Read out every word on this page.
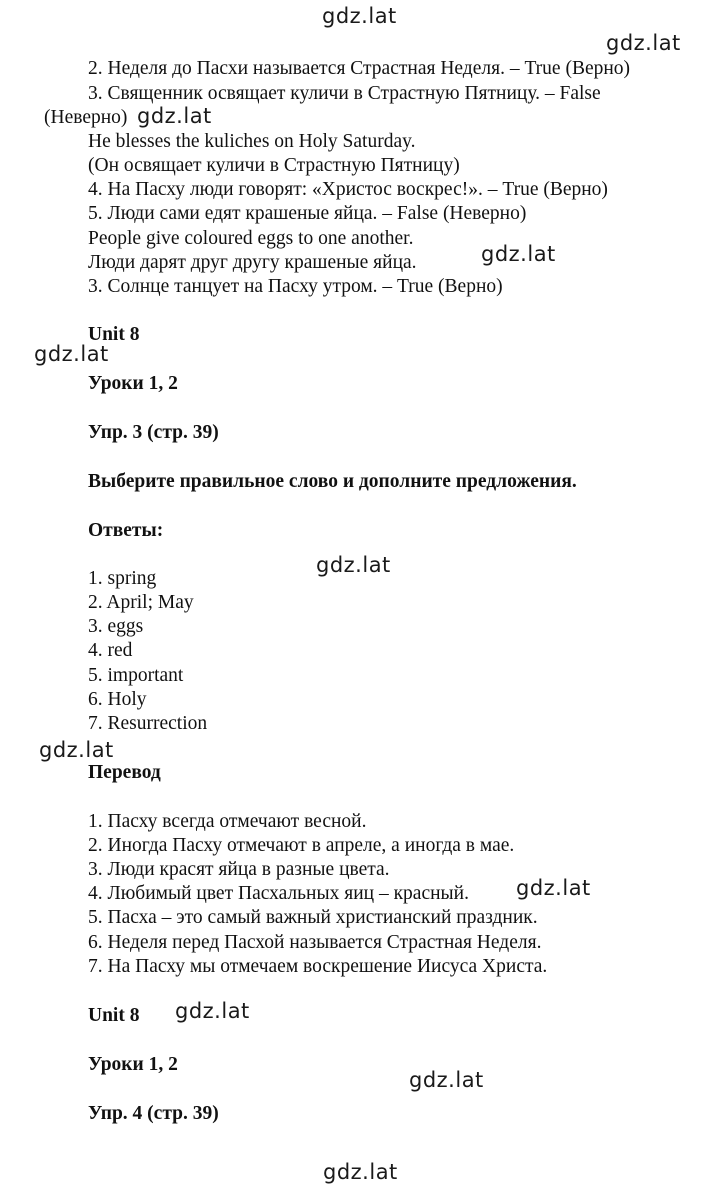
2. Неделя до Пасхи называется Страстная Неделя. – True (Верно)
3. Священник освящает куличи в Страстную Пятницу. – False
(Неверно)
He blesses the kuliches on Holy Saturday.
(Он освящает куличи в Страстную Пятницу)
4. На Пасху люди говорят: «Христос воскрес!». – True (Верно)
5. Люди сами едят крашеные яйца. – False (Неверно)
People give coloured eggs to one another.
Люди дарят друг другу крашеные яйца.
3. Солнце танцует на Пасху утром. – True (Верно)
Unit 8
Уроки 1, 2
Упр. 3 (стр. 39)
Выберите правильное слово и дополните предложения.
Ответы:
1. spring
2. April; May
3. eggs
4. red
5. important
6. Holy
7. Resurrection
Перевод
1. Пасху всегда отмечают весной.
2. Иногда Пасху отмечают в апреле, а иногда в мае.
3. Люди красят яйца в разные цвета.
4. Любимый цвет Пасхальных яиц – красный.
5. Пасха – это самый важный христианский праздник.
6. Неделя перед Пасхой называется Страстная Неделя.
7. На Пасху мы отмечаем воскрешение Иисуса Христа.
Unit 8
Уроки 1, 2
Упр. 4 (стр. 39)
gdz.lat
gdz.lat
gdz.lat
gdz.lat
gdz.lat
gdz.lat
gdz.lat
gdz.lat
gdz.lat
gdz.lat
gdz.lat
